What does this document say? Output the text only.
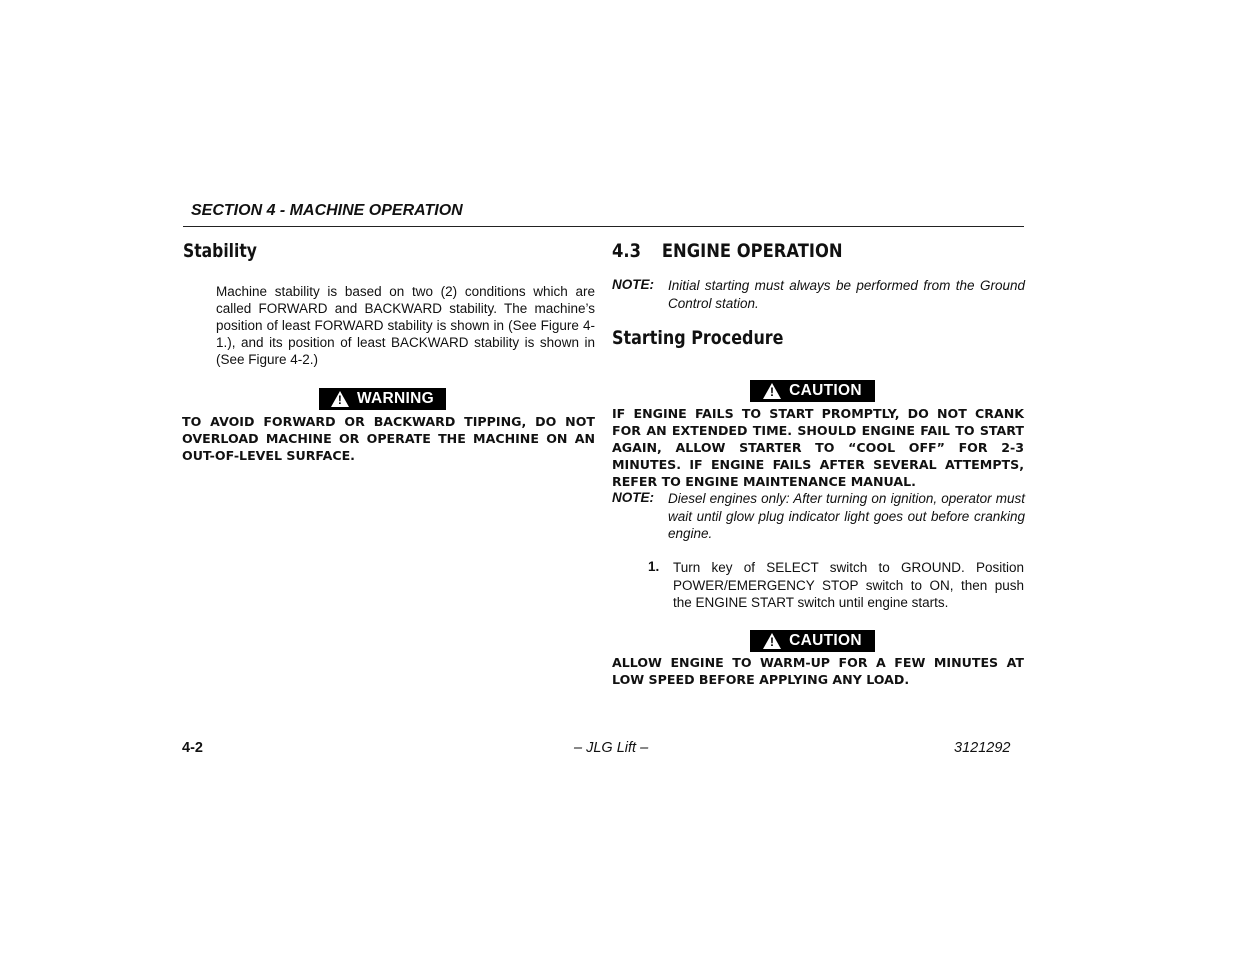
SECTION 4 - MACHINE OPERATION
Stability
Machine stability is based on two (2) conditions which are called FORWARD and BACKWARD stability. The machine’s position of least FORWARD stability is shown in (See Figure 4-1.), and its position of least BACKWARD stability is shown in (See Figure 4-2.)
! WARNING
TO AVOID FORWARD OR BACKWARD TIPPING, DO NOT OVERLOAD MACHINE OR OPERATE THE MACHINE ON AN OUT-OF-LEVEL SURFACE.
4.3 ENGINE OPERATION
NOTE: Initial starting must always be performed from the Ground Control station.
Starting Procedure
! CAUTION
IF ENGINE FAILS TO START PROMPTLY, DO NOT CRANK FOR AN EXTENDED TIME. SHOULD ENGINE FAIL TO START AGAIN, ALLOW STARTER TO “COOL OFF” FOR 2-3 MINUTES. IF ENGINE FAILS AFTER SEVERAL ATTEMPTS, REFER TO ENGINE MAINTENANCE MANUAL.
NOTE: Diesel engines only: After turning on ignition, operator must wait until glow plug indicator light goes out before cranking engine.
1. Turn key of SELECT switch to GROUND. Position POWER/EMERGENCY STOP switch to ON, then push the ENGINE START switch until engine starts.
! CAUTION
ALLOW ENGINE TO WARM-UP FOR A FEW MINUTES AT LOW SPEED BEFORE APPLYING ANY LOAD.
4-2	– JLG Lift –	3121292
